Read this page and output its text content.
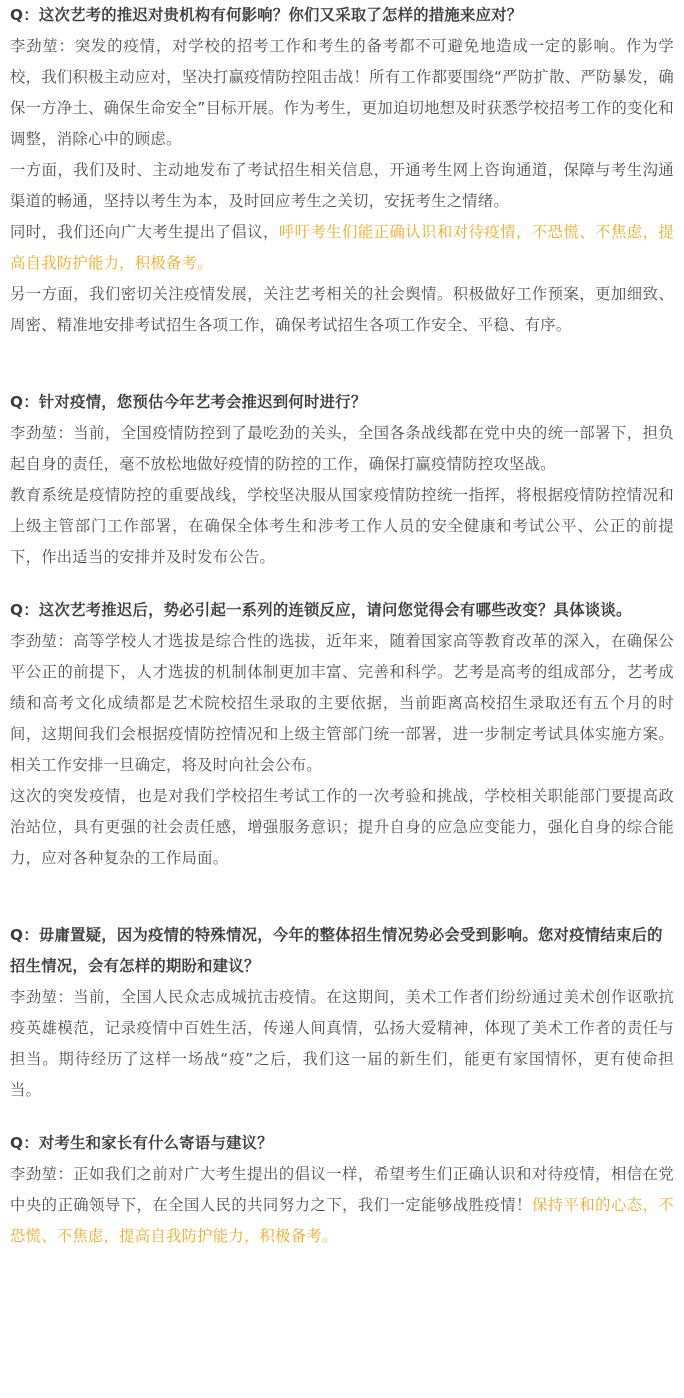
Q：这次艺考的推迟对贵机构有何影响？你们又采取了怎样的措施来应对？

李劲堃：突发的疫情，对学校的招考工作和考生的备考都不可避免地造成一定的影响。作为学校，我们积极主动应对，坚决打赢疫情防控阻击战！所有工作都要围绕“严防扩散、严防暴发，确保一方净土、确保生命安全”目标开展。作为考生，更加迫切地想及时获悉学校招考工作的变化和调整，消除心中的顾虑。

一方面，我们及时、主动地发布了考试招生相关信息，开通考生网上咨询通道，保障与考生沟通渠道的畅通，坚持以考生为本，及时回应考生之关切，安抚考生之情绪。

同时，我们还向广大考生提出了倡议，呼吁考生们能正确认识和对待疫情，不恐慌、不焦虑，提高自我防护能力，积极备考。

另一方面，我们密切关注疫情发展，关注艺考相关的社会舆情。积极做好工作预案，更加细致、周密、精准地安排考试招生各项工作，确保考试招生各项工作安全、平稳、有序。

Q：针对疫情，您预估今年艺考会推迟到何时进行？

李劲堃：当前，全国疫情防控到了最吃劲的关头，全国各条战线都在党中央的统一部署下，担负起自身的责任，毫不放松地做好疫情的防控的工作，确保打赢疫情防控攻坚战。

教育系统是疫情防控的重要战线，学校坚决服从国家疫情防控统一指挥，将根据疫情防控情况和上级主管部门工作部署，在确保全体考生和涉考工作人员的安全健康和考试公平、公正的前提下，作出适当的安排并及时发布公告。

Q：这次艺考推迟后，势必引起一系列的连锁反应，请问您觉得会有哪些改变？具体谈谈。

李劲堃：高等学校人才选拔是综合性的选拔，近年来，随着国家高等教育改革的深入，在确保公平公正的前提下，人才选拔的机制体制更加丰富、完善和科学。艺考是高考的组成部分，艺考成绩和高考文化成绩都是艺术院校招生录取的主要依据，当前距离高校招生录取还有五个月的时间，这期间我们会根据疫情防控情况和上级主管部门统一部署，进一步制定考试具体实施方案。相关工作安排一旦确定，将及时向社会公布。

这次的突发疫情，也是对我们学校招生考试工作的一次考验和挑战，学校相关职能部门要提高政治站位，具有更强的社会责任感，增强服务意识；提升自身的应急应变能力，强化自身的综合能力，应对各种复杂的工作局面。

Q：毋庸置疑，因为疫情的特殊情况，今年的整体招生情况势必会受到影响。您对疫情结束后的招生情况，会有怎样的期盼和建议？

李劲堃：当前，全国人民众志成城抗击疫情。在这期间，美术工作者们纷纷通过美术创作讴歌抗疫英雄模范，记录疫情中百姓生活，传递人间真情，弘扬大爱精神，体现了美术工作者的责任与担当。期待经历了这样一场战“疫”之后，我们这一届的新生们，能更有家国情怀，更有使命担当。

Q：对考生和家长有什么寄语与建议？

李劲堃：正如我们之前对广大考生提出的倡议一样，希望考生们正确认识和对待疫情，相信在党中央的正确领导下，在全国人民的共同努力之下，我们一定能够战胜疫情！保持平和的心态，不恐慌、不焦虑，提高自我防护能力，积极备考。
